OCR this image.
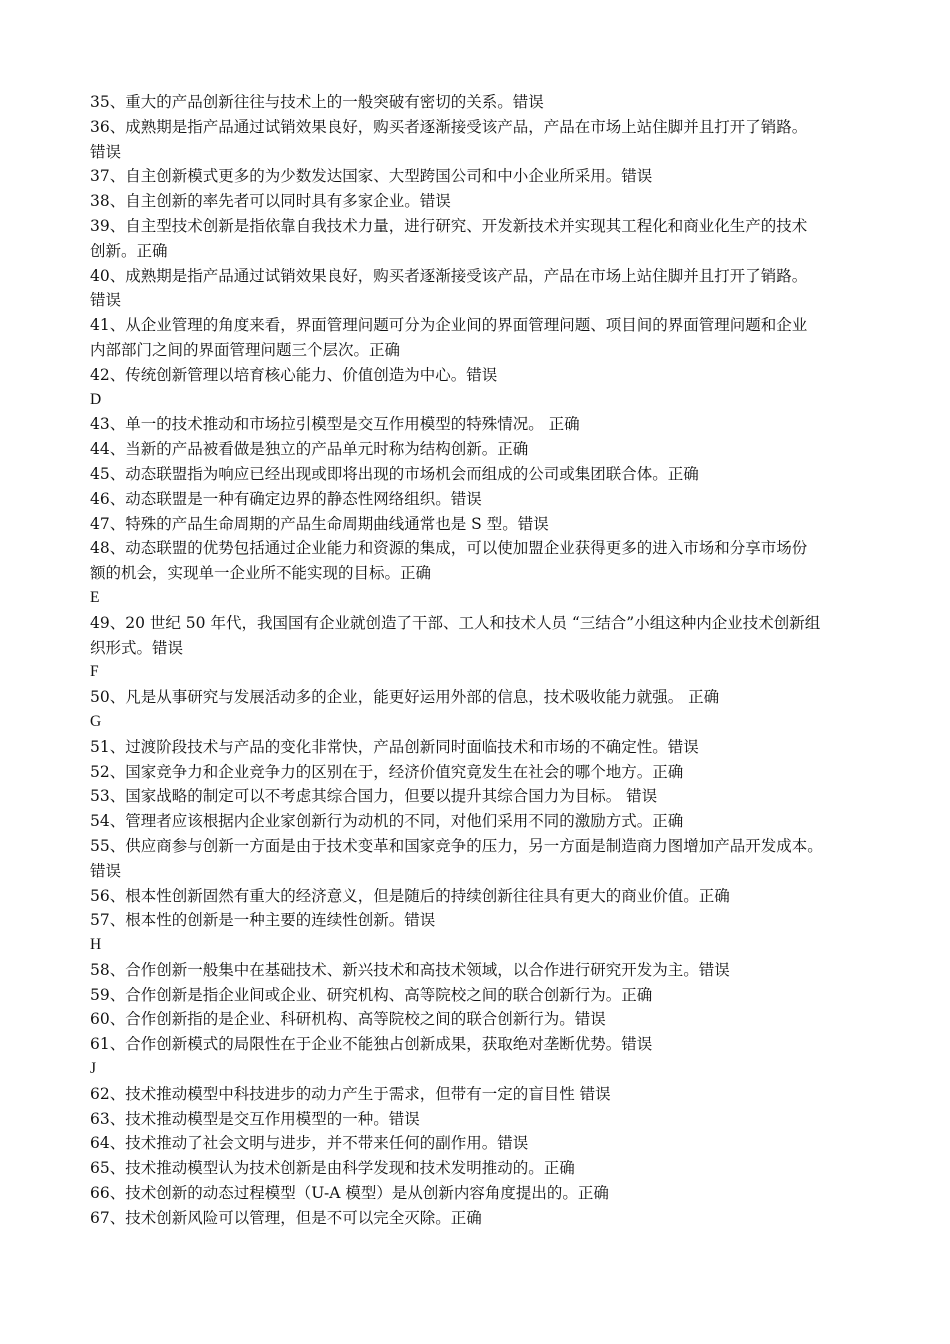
35、重大的产品创新往往与技术上的一般突破有密切的关系。错误
36、成熟期是指产品通过试销效果良好，购买者逐渐接受该产品，产品在市场上站住脚并且打开了销路。
错误
37、自主创新模式更多的为少数发达国家、大型跨国公司和中小企业所采用。错误
38、自主创新的率先者可以同时具有多家企业。错误
39、自主型技术创新是指依靠自我技术力量，进行研究、开发新技术并实现其工程化和商业化生产的技术
创新。正确
40、成熟期是指产品通过试销效果良好，购买者逐渐接受该产品，产品在市场上站住脚并且打开了销路。
错误
41、从企业管理的角度来看，界面管理问题可分为企业间的界面管理问题、项目间的界面管理问题和企业
内部部门之间的界面管理问题三个层次。正确
42、传统创新管理以培育核心能力、价值创造为中心。错误
D
43、单一的技术推动和市场拉引模型是交互作用模型的特殊情况。 正确
44、当新的产品被看做是独立的产品单元时称为结构创新。正确
45、动态联盟指为响应已经出现或即将出现的市场机会而组成的公司或集团联合体。正确
46、动态联盟是一种有确定边界的静态性网络组织。错误
47、特殊的产品生命周期的产品生命周期曲线通常也是 S 型。错误
48、动态联盟的优势包括通过企业能力和资源的集成，可以使加盟企业获得更多的进入市场和分享市场份
额的机会，实现单一企业所不能实现的目标。正确
E
49、20 世纪 50 年代，我国国有企业就创造了干部、工人和技术人员 “三结合”小组这种内企业技术创新组
织形式。错误
F
50、凡是从事研究与发展活动多的企业，能更好运用外部的信息，技术吸收能力就强。 正确
G
51、过渡阶段技术与产品的变化非常快，产品创新同时面临技术和市场的不确定性。错误
52、国家竞争力和企业竞争力的区别在于，经济价值究竟发生在社会的哪个地方。正确
53、国家战略的制定可以不考虑其综合国力，但要以提升其综合国力为目标。 错误
54、管理者应该根据内企业家创新行为动机的不同，对他们采用不同的激励方式。正确
55、供应商参与创新一方面是由于技术变革和国家竞争的压力，另一方面是制造商力图增加产品开发成本。
错误
56、根本性创新固然有重大的经济意义，但是随后的持续创新往往具有更大的商业价值。正确
57、根本性的创新是一种主要的连续性创新。错误
H
58、合作创新一般集中在基础技术、新兴技术和高技术领域，以合作进行研究开发为主。错误
59、合作创新是指企业间或企业、研究机构、高等院校之间的联合创新行为。正确
60、合作创新指的是企业、科研机构、高等院校之间的联合创新行为。错误
61、合作创新模式的局限性在于企业不能独占创新成果，获取绝对垄断优势。错误
J
62、技术推动模型中科技进步的动力产生于需求，但带有一定的盲目性 错误
63、技术推动模型是交互作用模型的一种。错误
64、技术推动了社会文明与进步，并不带来任何的副作用。错误
65、技术推动模型认为技术创新是由科学发现和技术发明推动的。正确
66、技术创新的动态过程模型（U-A 模型）是从创新内容角度提出的。正确
67、技术创新风险可以管理，但是不可以完全灭除。正确
